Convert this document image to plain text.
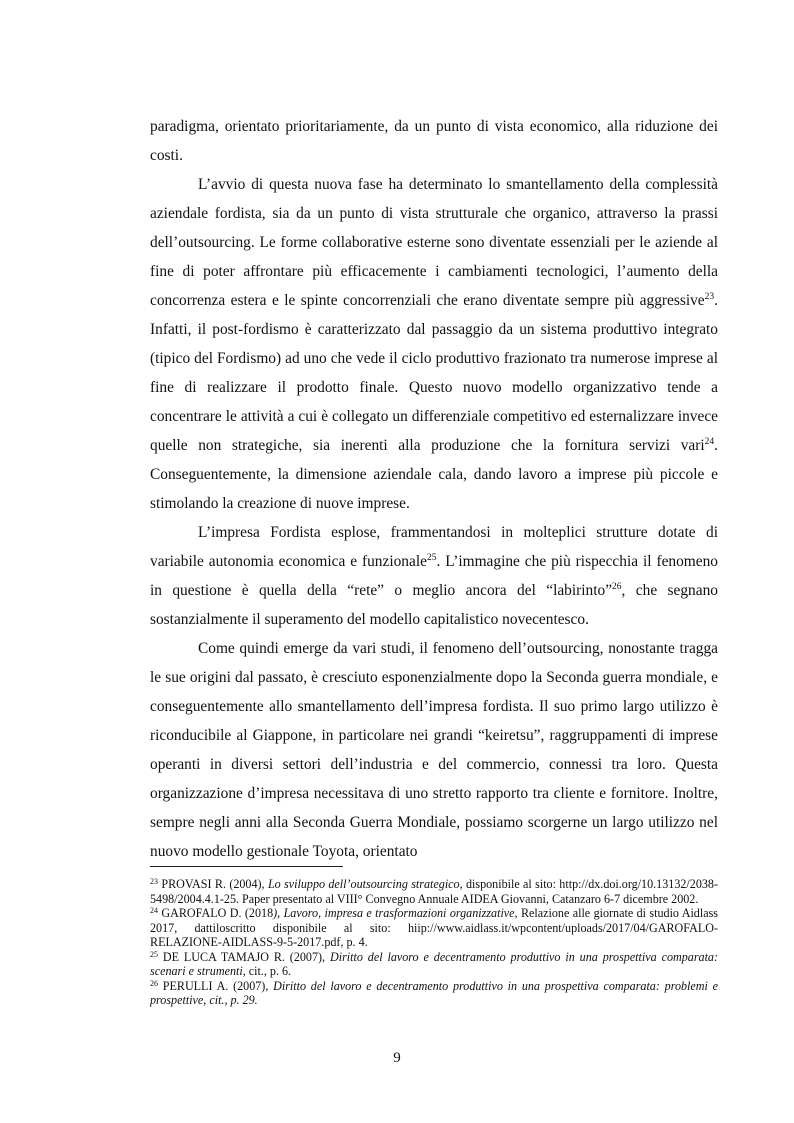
paradigma, orientato prioritariamente, da un punto di vista economico, alla riduzione dei costi.

L’avvio di questa nuova fase ha determinato lo smantellamento della complessità aziendale fordista, sia da un punto di vista strutturale che organico, attraverso la prassi dell’outsourcing. Le forme collaborative esterne sono diventate essenziali per le aziende al fine di poter affrontare più efficacemente i cambiamenti tecnologici, l’aumento della concorrenza estera e le spinte concorrenziali che erano diventate sempre più aggressive$^{23}$. Infatti, il post-fordismo è caratterizzato dal passaggio da un sistema produttivo integrato (tipico del Fordismo) ad uno che vede il ciclo produttivo frazionato tra numerose imprese al fine di realizzare il prodotto finale. Questo nuovo modello organizzativo tende a concentrare le attività a cui è collegato un differenziale competitivo ed esternalizzare invece quelle non strategiche, sia inerenti alla produzione che la fornitura servizi vari$^{24}$. Conseguentemente, la dimensione aziendale cala, dando lavoro a imprese più piccole e stimolando la creazione di nuove imprese.

L’impresa Fordista esplose, frammentandosi in molteplici strutture dotate di variabile autonomia economica e funzionale$^{25}$. L’immagine che più rispecchia il fenomeno in questione è quella della “rete” o meglio ancora del “labirinto”$^{26}$, che segnano sostanzialmente il superamento del modello capitalistico novecentesco.

Come quindi emerge da vari studi, il fenomeno dell’outsourcing, nonostante tragga le sue origini dal passato, è cresciuto esponenzialmente dopo la Seconda guerra mondiale, e conseguentemente allo smantellamento dell’impresa fordista. Il suo primo largo utilizzo è riconducibile al Giappone, in particolare nei grandi “keiretsu”, raggruppamenti di imprese operanti in diversi settori dell’industria e del commercio, connessi tra loro. Questa organizzazione d’impresa necessitava di uno stretto rapporto tra cliente e fornitore. Inoltre, sempre negli anni alla Seconda Guerra Mondiale, possiamo scorgerne un largo utilizzo nel nuovo modello gestionale Toyota, orientato

$^{23}$ PROVASI R. (2004), Lo sviluppo dell’outsourcing strategico, disponibile al sito: http://dx.doi.org/10.13132/2038-5498/2004.4.1-25. Paper presentato al VIII° Convegno Annuale AIDEA Giovanni, Catanzaro 6-7 dicembre 2002.

$^{24}$ GAROFALO D. (2018), Lavoro, impresa e trasformazioni organizzative, Relazione alle giornate di studio Aidlass 2017, dattiloscritto disponibile al sito: hiip://www.aidlass.it/wpcontent/uploads/2017/04/GAROFALO-RELAZIONE-AIDLASS-9-5-2017.pdf, p. 4.

$^{25}$ DE LUCA TAMAJO R. (2007), Diritto del lavoro e decentramento produttivo in una prospettiva comparata: scenari e strumenti, cit., p. 6.

$^{26}$ PERULLI A. (2007), Diritto del lavoro e decentramento produttivo in una prospettiva comparata: problemi e prospettive, cit., p. 29.

9
